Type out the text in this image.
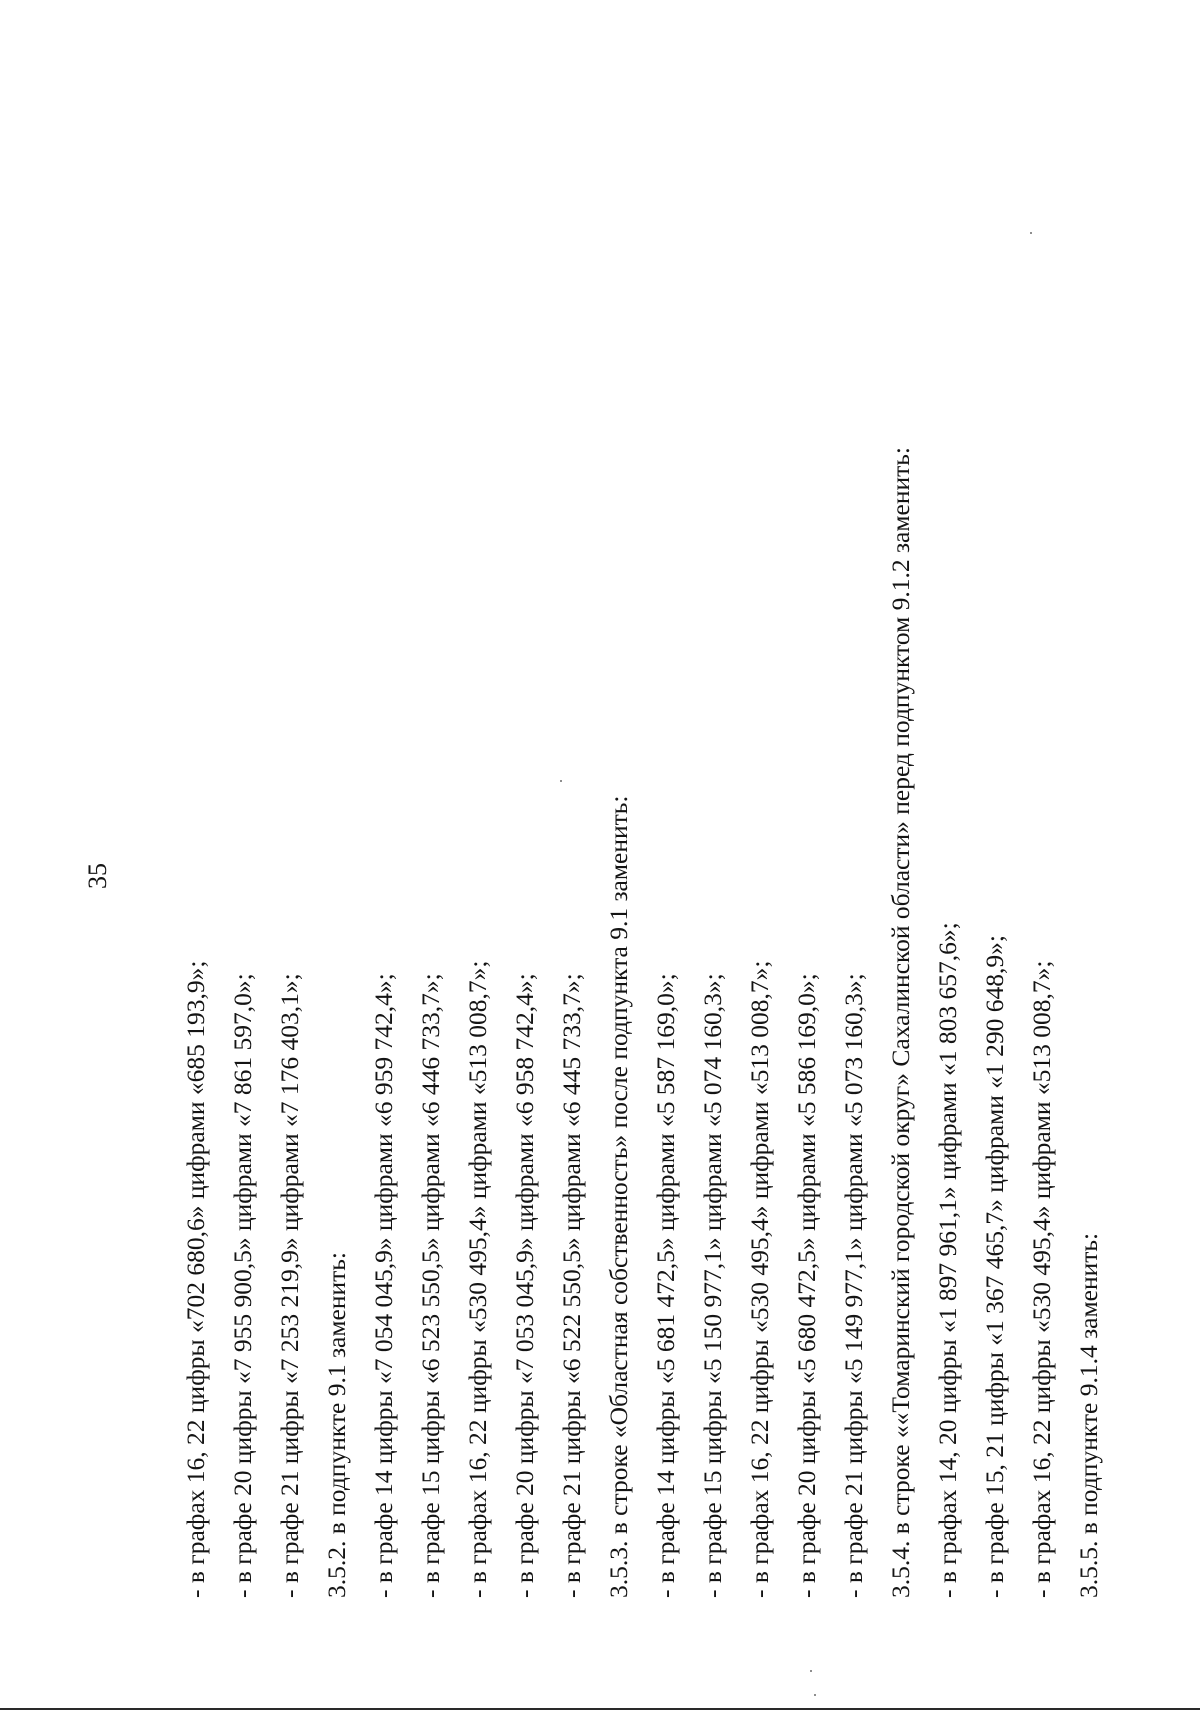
35
- в графах 16, 22 цифры «702 680,6» цифрами «685 193,9»; - в графе 20 цифры «7 955 900,5» цифрами «7 861 597,0»; - в графе 21 цифры «7 253 219,9» цифрами «7 176 403,1»; 3.5.2. в подпункте 9.1 заменить: - в графе 14 цифры «7 054 045,9» цифрами «6 959 742,4»; - в графе 15 цифры «6 523 550,5» цифрами «6 446 733,7»; - в графах 16, 22 цифры «530 495,4» цифрами «513 008,7»; - в графе 20 цифры «7 053 045,9» цифрами «6 958 742,4»; - в графе 21 цифры «6 522 550,5» цифрами «6 445 733,7»; 3.5.3. в строке «Областная собственность» после подпункта 9.1 заменить: - в графе 14 цифры «5 681 472,5» цифрами «5 587 169,0»; - в графе 15 цифры «5 150 977,1» цифрами «5 074 160,3»; - в графах 16, 22 цифры «530 495,4» цифрами «513 008,7»; - в графе 20 цифры «5 680 472,5» цифрами «5 586 169,0»; - в графе 21 цифры «5 149 977,1» цифрами «5 073 160,3»; 3.5.4. в строке ««Томаринский городской округ» Сахалинской области» перед подпунктом 9.1.2 заменить: - в графах 14, 20 цифры «1 897 961,1» цифрами «1 803 657,6»; - в графе 15, 21 цифры «1 367 465,7» цифрами «1 290 648,9»; - в графах 16, 22 цифры «530 495,4» цифрами «513 008,7»; 3.5.5. в подпункте 9.1.4 заменить:
